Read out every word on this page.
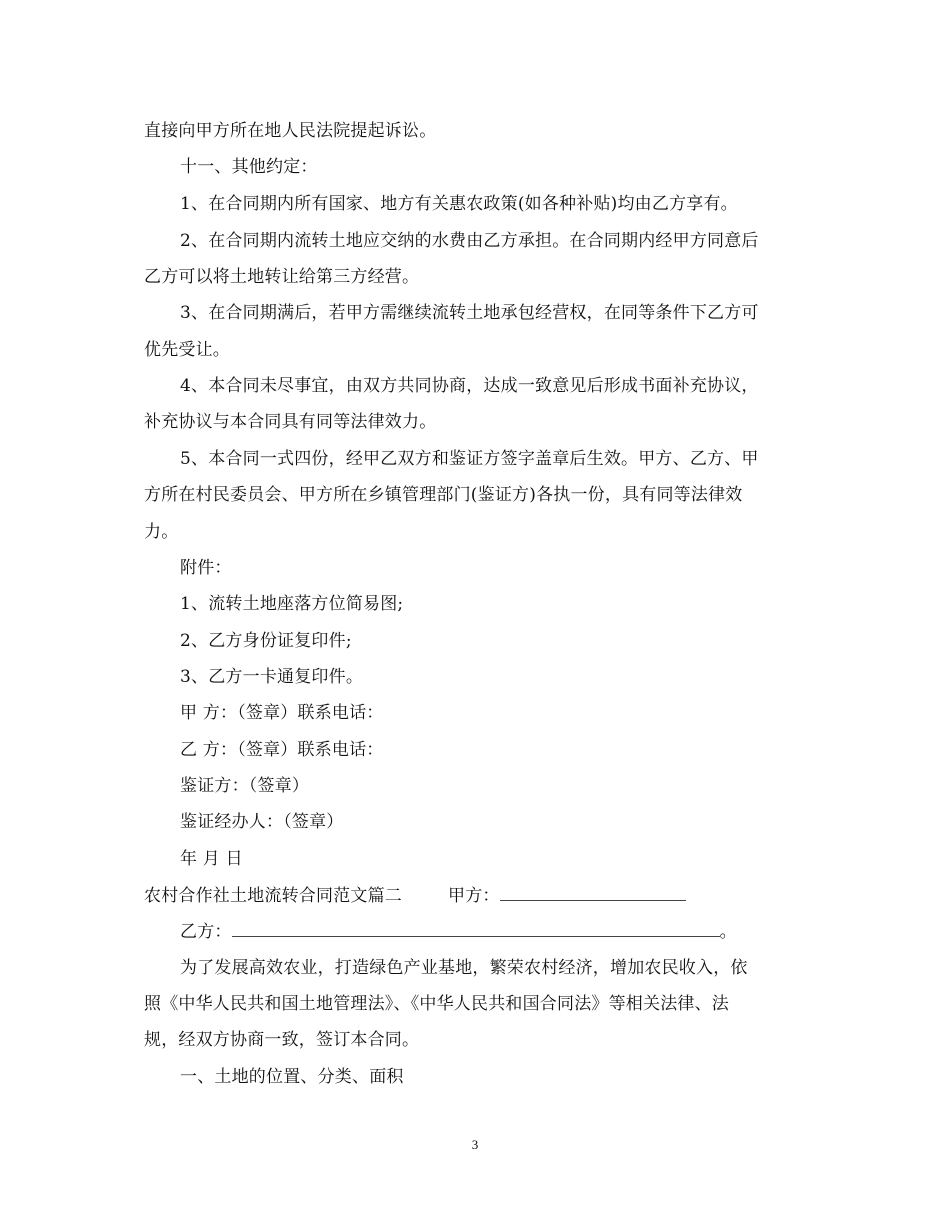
直接向甲方所在地人民法院提起诉讼。
十一、其他约定：
1、在合同期内所有国家、地方有关惠农政策(如各种补贴)均由乙方享有。
2、在合同期内流转土地应交纳的水费由乙方承担。在合同期内经甲方同意后
乙方可以将土地转让给第三方经营。
3、在合同期满后，若甲方需继续流转土地承包经营权，在同等条件下乙方可
优先受让。
4、本合同未尽事宜，由双方共同协商，达成一致意见后形成书面补充协议，
补充协议与本合同具有同等法律效力。
5、本合同一式四份，经甲乙双方和鉴证方签字盖章后生效。甲方、乙方、甲
方所在村民委员会、甲方所在乡镇管理部门(鉴证方)各执一份，具有同等法律效
力。
附件：
1、流转土地座落方位简易图;
2、乙方身份证复印件;
3、乙方一卡通复印件。
甲 方：（签章）联系电话：
乙 方：（签章）联系电话：
鉴证方：（签章）
鉴证经办人：（签章）
年 月 日
农村合作社土地流转合同范文篇二	甲方：
乙方：	。
为了发展高效农业，打造绿色产业基地，繁荣农村经济，增加农民收入，依
照《中华人民共和国土地管理法》、《中华人民共和国合同法》等相关法律、法
规，经双方协商一致，签订本合同。
一、土地的位置、分类、面积
3
